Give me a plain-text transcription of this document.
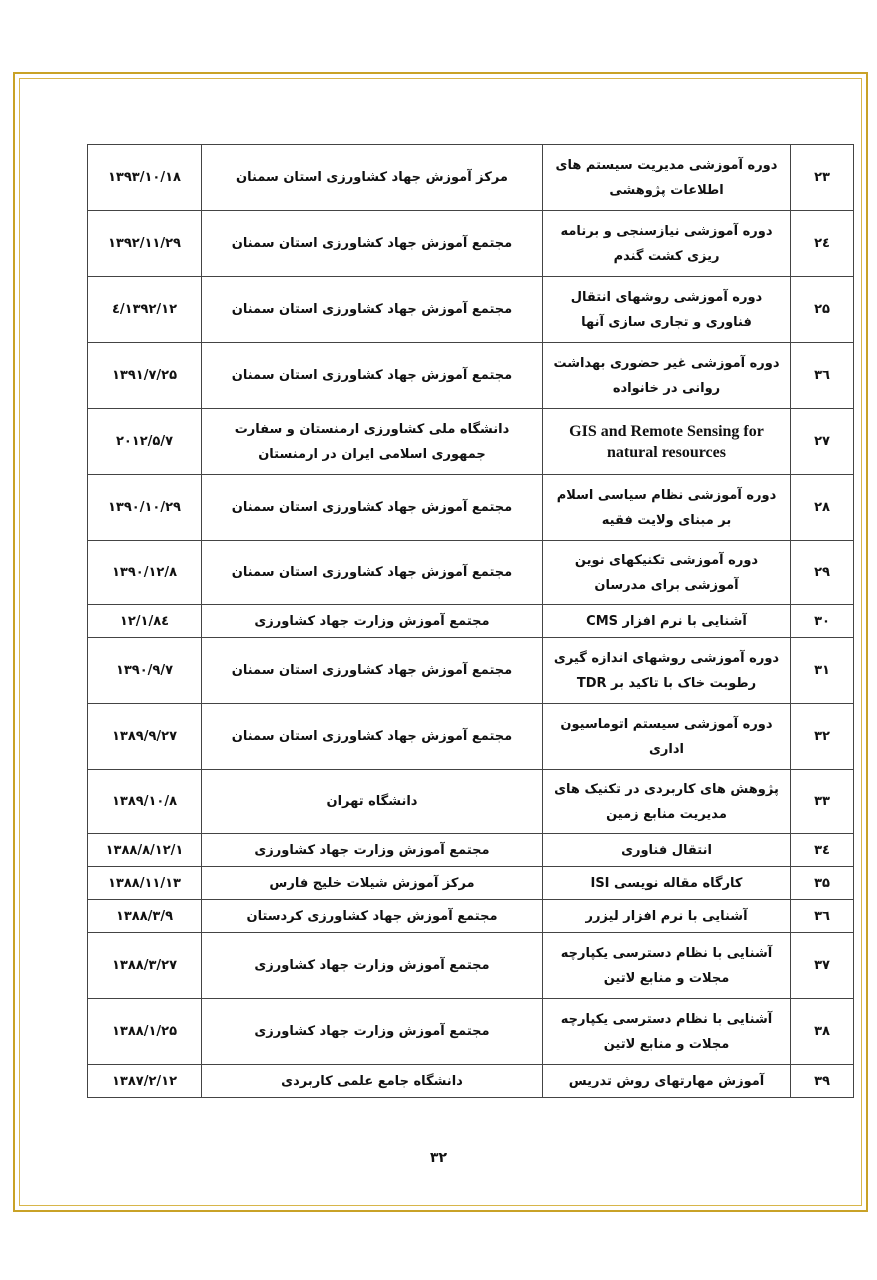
۲۳	دوره آموزشی مدیریت سیستم های اطلاعات پژوهشی	مرکز آموزش جهاد کشاورزی استان سمنان	۱۳۹۳/۱۰/۱۸
۲٤	دوره آموزشی نیازسنجی و برنامه ریزی کشت گندم	مجتمع آموزش جهاد کشاورزی استان سمنان	۱۳۹۲/۱۱/۲۹
۲۵	دوره آموزشی روشهای انتقال فناوری و تجاری سازی آنها	مجتمع آموزش جهاد کشاورزی استان سمنان	۱۳۹۲/۱۲/٤
۳٦	دوره آموزشی غیر حضوری بهداشت روانی در خانواده	مجتمع آموزش جهاد کشاورزی استان سمنان	۱۳۹۱/۷/۲۵
۲۷	GIS and Remote Sensing for natural resources	دانشگاه ملی کشاورزی ارمنستان و سفارت جمهوری اسلامی ایران در ارمنستان	۲۰۱۲/۵/۷
۲۸	دوره آموزشی نظام سیاسی اسلام بر مبنای ولایت فقیه	مجتمع آموزش جهاد کشاورزی استان سمنان	۱۳۹۰/۱۰/۲۹
۲۹	دوره آموزشی تکنیکهای نوین آموزشی برای مدرسان	مجتمع آموزش جهاد کشاورزی استان سمنان	۱۳۹۰/۱۲/۸
۳۰	آشنایی با نرم افزار CMS	مجتمع آموزش وزارت جهاد کشاورزی	۸٤/۱۲/۱
۳۱	دوره آموزشی روشهای اندازه گیری رطوبت خاک با تاکید بر TDR	مجتمع آموزش جهاد کشاورزی استان سمنان	۱۳۹۰/۹/۷
۳۲	دوره آموزشی سیستم اتوماسیون اداری	مجتمع آموزش جهاد کشاورزی استان سمنان	۱۳۸۹/۹/۲۷
۳۳	پژوهش های کاربردی در تکنیک های مدیریت منابع زمین	دانشگاه تهران	۱۳۸۹/۱۰/۸
۳٤	انتقال فناوری	مجتمع آموزش وزارت جهاد کشاورزی	۱۳۸۸/۸/۱۲/۱
۳۵	کارگاه مقاله نویسی ISI	مرکز آموزش شیلات خلیج فارس	۱۳۸۸/۱۱/۱۳
۳٦	آشنایی با نرم افزار لیزرر	مجتمع آموزش جهاد کشاورزی کردستان	۱۳۸۸/۳/۹
۳۷	آشنایی با نظام دسترسی یکپارچه مجلات و منابع لاتین	مجتمع آموزش وزارت جهاد کشاورزی	۱۳۸۸/۳/۲۷
۳۸	آشنایی با نظام دسترسی یکپارچه مجلات و منابع لاتین	مجتمع آموزش وزارت جهاد کشاورزی	۱۳۸۸/۱/۲۵
۳۹	آموزش مهارتهای روش تدریس	دانشگاه جامع علمی کاربردی	۱۳۸۷/۲/۱۲
۳۲
